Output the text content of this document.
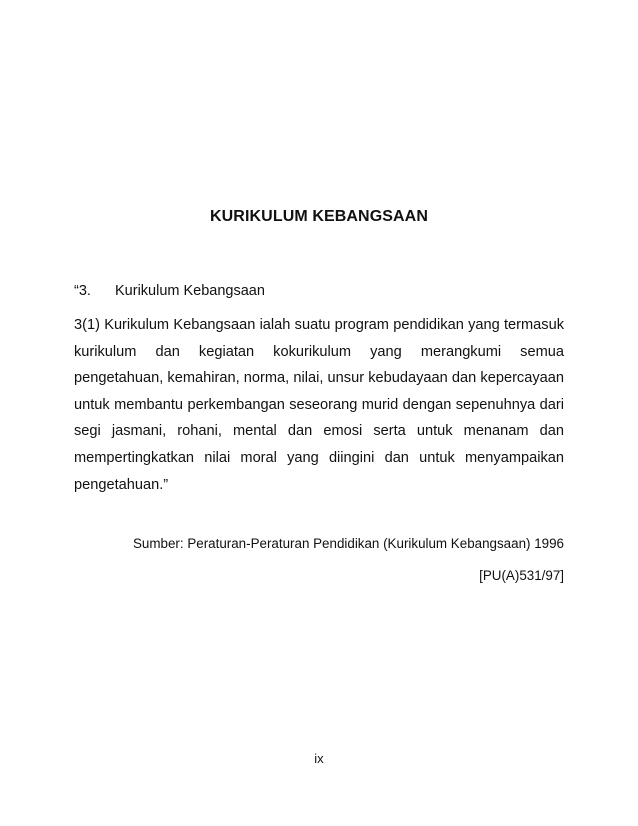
KURIKULUM KEBANGSAAN
“3. Kurikulum Kebangsaan

3(1) Kurikulum Kebangsaan ialah suatu program pendidikan yang termasuk kurikulum dan kegiatan kokurikulum yang merangkumi semua pengetahuan, kemahiran, norma, nilai, unsur kebudayaan dan kepercayaan untuk membantu perkembangan seseorang murid dengan sepenuhnya dari segi jasmani, rohani, mental dan emosi serta untuk menanam dan mempertingkatkan nilai moral yang diingini dan untuk menyampaikan pengetahuan.”

Sumber: Peraturan-Peraturan Pendidikan (Kurikulum Kebangsaan) 1996
[PU(A)531/97]
ix
